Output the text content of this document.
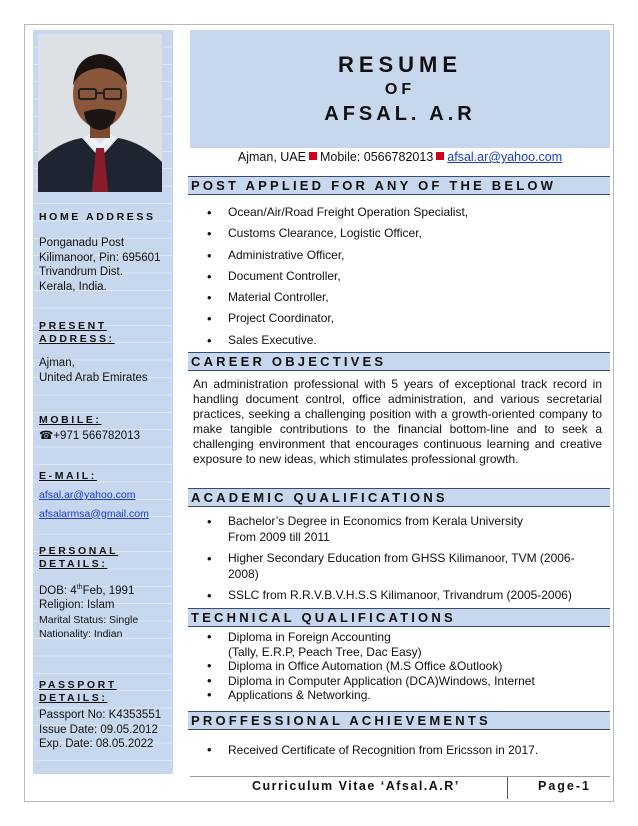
HOME ADDRESS
Ponganadu Post
Kilimanoor, Pin: 695601
Trivandrum Dist.
Kerala, India.
PRESENT ADDRESS:
Ajman,
United Arab Emirates
MOBILE:
☎+971 566782013
E-MAIL:
afsal.ar@yahoo.com
afsalarmsa@gmail.com
PERSONAL DETAILS:
DOB: 4thFeb, 1991
Religion: Islam
Marital Status: Single
Nationality: Indian
PASSPORT DETAILS:
Passport No: K4353551
Issue Date: 09.05.2012
Exp. Date: 08.05.2022
RESUME
OF
AFSAL. A.R
Ajman, UAE Mobile: 0566782013 afsal.ar@yahoo.com
POST APPLIED FOR ANY OF THE BELOW
• Ocean/Air/Road Freight Operation Specialist,
• Customs Clearance, Logistic Officer,
• Administrative Officer,
• Document Controller,
• Material Controller,
• Project Coordinator,
• Sales Executive.
CAREER OBJECTIVES
An administration professional with 5 years of exceptional track record in handling document control, office administration, and various secretarial practices, seeking a challenging position with a growth-oriented company to make tangible contributions to the financial bottom-line and to seek a challenging environment that encourages continuous learning and creative exposure to new ideas, which stimulates professional growth.
ACADEMIC QUALIFICATIONS
• Bachelor’s Degree in Economics from Kerala University
From 2009 till 2011
• Higher Secondary Education from GHSS Kilimanoor, TVM (2006-
2008)
• SSLC from R.R.V.B.V.H.S.S Kilimanoor, Trivandrum (2005-2006)
TECHNICAL QUALIFICATIONS
• Diploma in Foreign Accounting
(Tally, E.R.P, Peach Tree, Dac Easy)
• Diploma in Office Automation (M.S Office &Outlook)
• Diploma in Computer Application (DCA)Windows, Internet
• Applications & Networking.
PROFFESSIONAL ACHIEVEMENTS
• Received Certificate of Recognition from Ericsson in 2017.
Curriculum Vitae ‘Afsal.A.R’	Page-1
